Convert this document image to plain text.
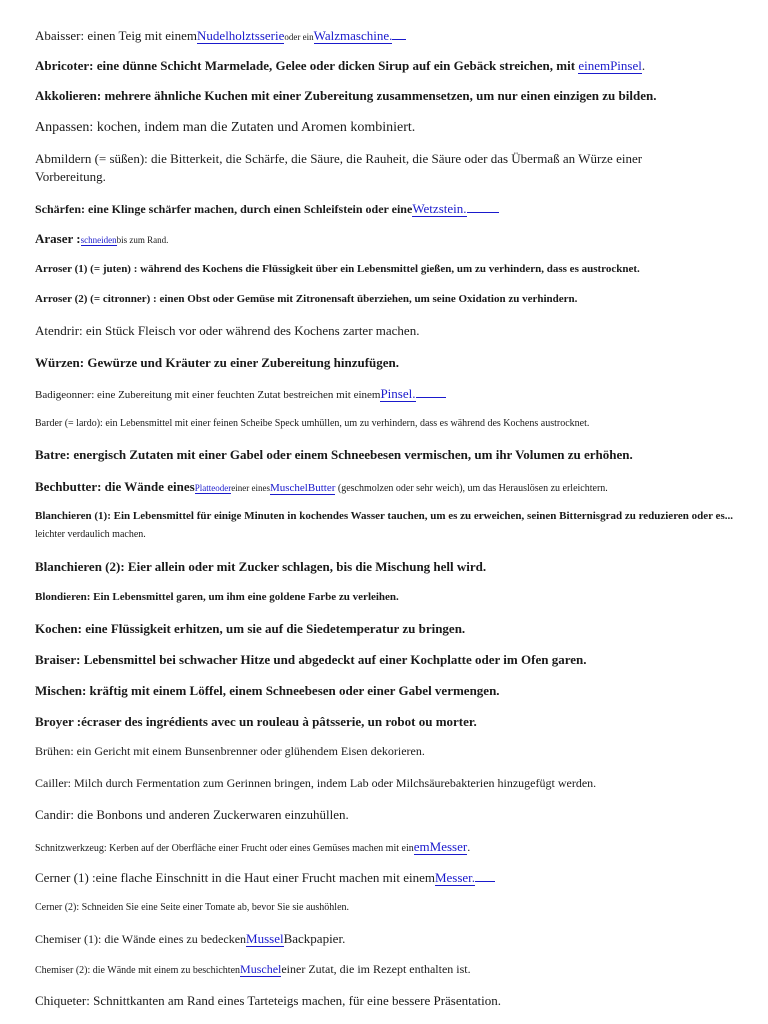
Abaisser: einen Teig mit einemNudelholztsserieoder einWalzmaschine.
Abricoter: eine dünne Schicht Marmelade, Gelee oder dicken Sirup auf ein Gebäck streichen, mit einemPinsel.
Akkolieren: mehrere ähnliche Kuchen mit einer Zubereitung zusammensetzen, um nur einen einzigen zu bilden.
Anpassen: kochen, indem man die Zutaten und Aromen kombiniert.
Abmildern (= süßen): die Bitterkeit, die Schärfe, die Säure, die Rauheit, die Säure oder das Übermaß an Würze einer Vorbereitung.
Schärfen: eine Klinge schärfer machen, durch einen Schleifstein oder eineWetzstein.
Araser :schneidenbis zum Rand.
Arroser (1) (= juten) : während des Kochens die Flüssigkeit über ein Lebensmittel gießen, um zu verhindern, dass es austrocknet.
Arroser (2) (= citronner) : einen Obst oder Gemüse mit Zitronensaft überziehen, um seine Oxidation zu verhindern.
Atendrir: ein Stück Fleisch vor oder während des Kochens zarter machen.
Würzen: Gewürze und Kräuter zu einer Zubereitung hinzufügen.
Badigeonner: eine Zubereitung mit einer feuchten Zutat bestreichen mit einemPinsel.
Barder (= lardo): ein Lebensmittel mit einer feinen Scheibe Speck umhüllen, um zu verhindern, dass es während des Kochens austrocknet.
Batre: energisch Zutaten mit einer Gabel oder einem Schneebesen vermischen, um ihr Volumen zu erhöhen.
Bechbutter: die Wände einesPlatteodereiner einesMuschelButter (geschmolzen oder sehr weich), um das Herauslösen zu erleichtern.
Blanchieren (1): Ein Lebensmittel für einige Minuten in kochendes Wasser tauchen, um es zu erweichen, seinen Bitternisgrad zu reduzieren oder es...
leichter verdaulich machen.
Blanchieren (2): Eier allein oder mit Zucker schlagen, bis die Mischung hell wird.
Blondieren: Ein Lebensmittel garen, um ihm eine goldene Farbe zu verleihen.
Kochen: eine Flüssigkeit erhitzen, um sie auf die Siedetemperatur zu bringen.
Braiser: Lebensmittel bei schwacher Hitze und abgedeckt auf einer Kochplatte oder im Ofen garen.
Mischen: kräftig mit einem Löffel, einem Schneebesen oder einer Gabel vermengen.
Broyer :écraser des ingrédients avec un rouleau à pâtsserie, un robot ou morter.
Brühen: ein Gericht mit einem Bunsenbrenner oder glühendem Eisen dekorieren.
Cailler: Milch durch Fermentation zum Gerinnen bringen, indem Lab oder Milchsäurebakterien hinzugefügt werden.
Candir: die Bonbons und anderen Zuckerwaren einzuhüllen.
Schnitzwerkzeug: Kerben auf der Oberfläche einer Frucht oder eines Gemüses machen mit einemMesser.
Cerner (1) :eine flache Einschnitt in die Haut einer Frucht machen mit einemMesser.
Cerner (2): Schneiden Sie eine Seite einer Tomate ab, bevor Sie sie aushöhlen.
Chemiser (1): die Wände eines zu bedeckenMusselBackpapier.
Chemiser (2): die Wände mit einem zu beschichtenMuscheleiner Zutat, die im Rezept enthalten ist.
Chiqueter: Schnittkanten am Rand eines Tarteteigs machen, für eine bessere Präsentation.
